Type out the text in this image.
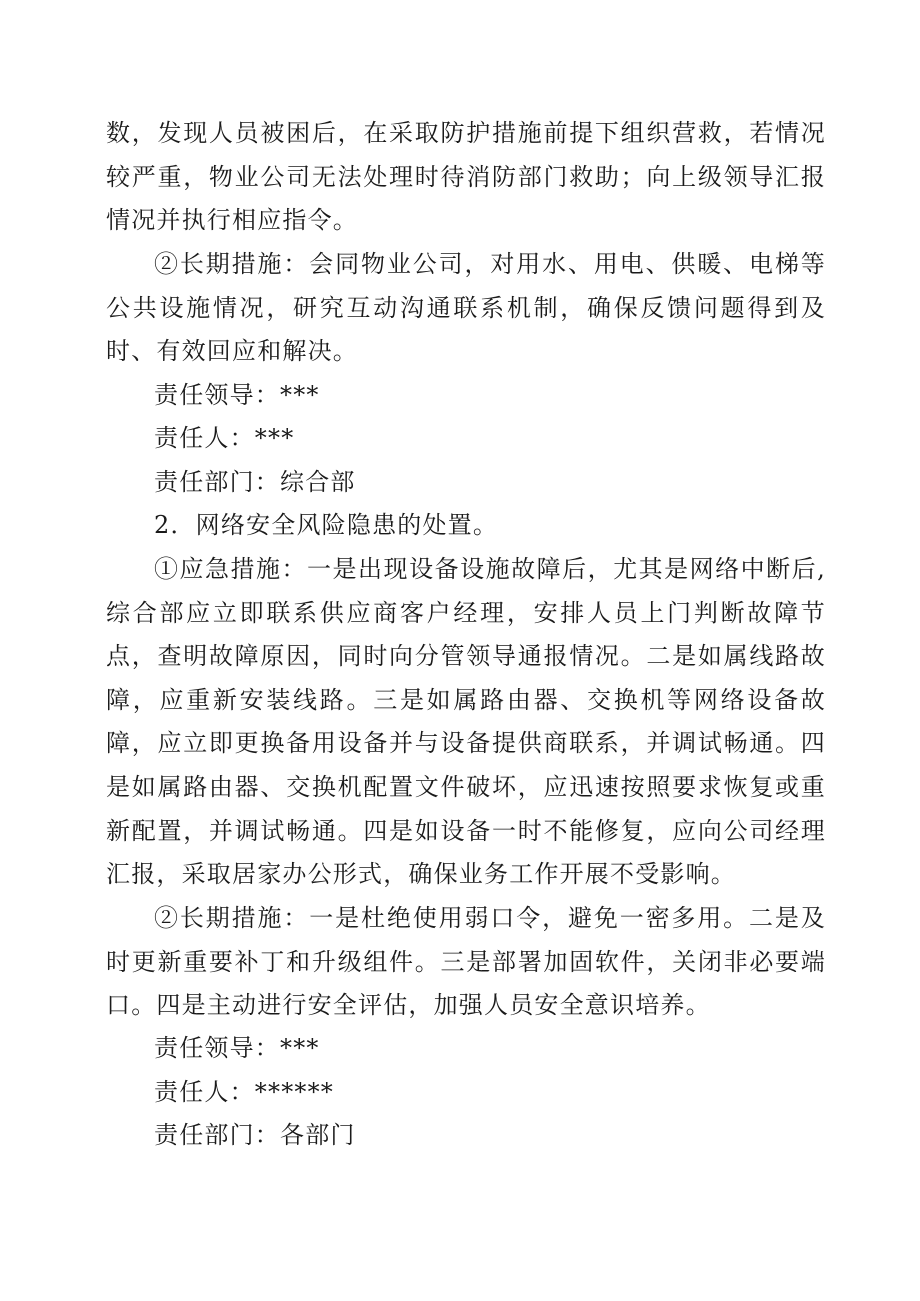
数，发现人员被困后，在采取防护措施前提下组织营救，若情况较严重，物业公司无法处理时待消防部门救助；向上级领导汇报情况并执行相应指令。

②长期措施：会同物业公司，对用水、用电、供暖、电梯等公共设施情况，研究互动沟通联系机制，确保反馈问题得到及时、有效回应和解决。

责任领导：***

责任人：***

责任部门：综合部

2．网络安全风险隐患的处置。

①应急措施：一是出现设备设施故障后，尤其是网络中断后,综合部应立即联系供应商客户经理，安排人员上门判断故障节点，查明故障原因，同时向分管领导通报情况。二是如属线路故障，应重新安装线路。三是如属路由器、交换机等网络设备故障，应立即更换备用设备并与设备提供商联系，并调试畅通。四是如属路由器、交换机配置文件破坏，应迅速按照要求恢复或重新配置，并调试畅通。四是如设备一时不能修复，应向公司经理汇报，采取居家办公形式，确保业务工作开展不受影响。

②长期措施：一是杜绝使用弱口令，避免一密多用。二是及时更新重要补丁和升级组件。三是部署加固软件，关闭非必要端口。四是主动进行安全评估，加强人员安全意识培养。

责任领导：***

责任人：******

责任部门：各部门
